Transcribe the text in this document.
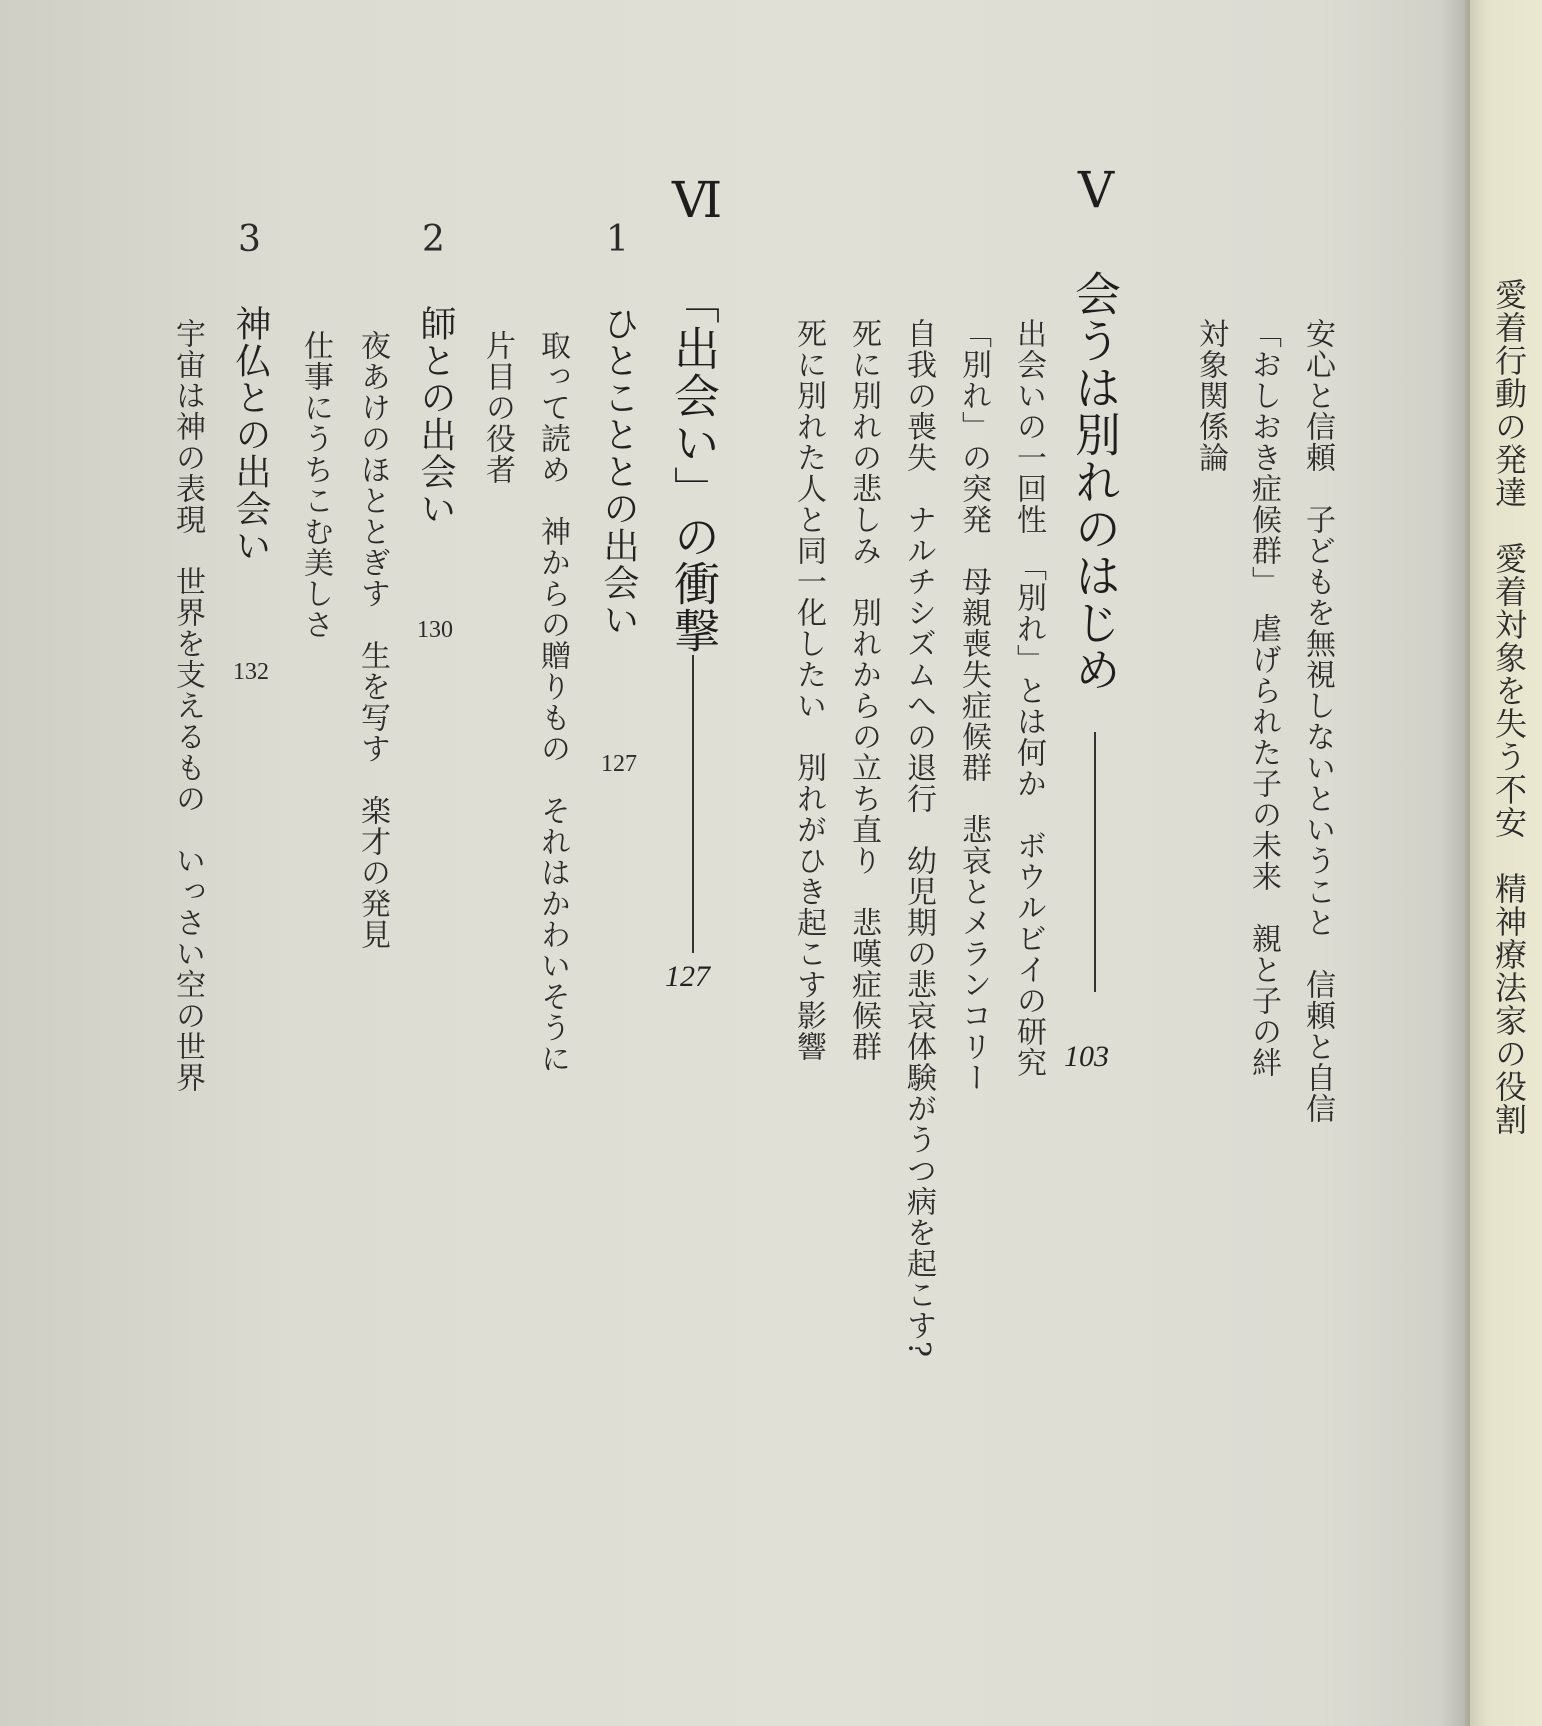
愛着行動の発達　愛着対象を失う不安　精神療法家の役割
安心と信頼　子どもを無視しないということ　信頼と自信
「おしおき症候群」　虐げられた子の未来　親と子の絆
対象関係論
Ⅴ
会うは別れのはじめ
103
出会いの一回性　「別れ」とは何か　ボウルビイの研究
「別れ」の突発　母親喪失症候群　悲哀とメランコリー
自我の喪失　ナルチシズムへの退行　幼児期の悲哀体験がうつ病を起こす?
死に別れの悲しみ　別れからの立ち直り　悲嘆症候群
死に別れた人と同一化したい　別れがひき起こす影響
Ⅵ
「出会い」の衝撃
127
1
ひとこととの出会い
127
取って読め　神からの贈りもの　それはかわいそうに
片目の役者
2
師との出会い
130
夜あけのほととぎす　生を写す　楽才の発見
仕事にうちこむ美しさ
3
神仏との出会い
132
宇宙は神の表現　世界を支えるもの　いっさい空の世界
